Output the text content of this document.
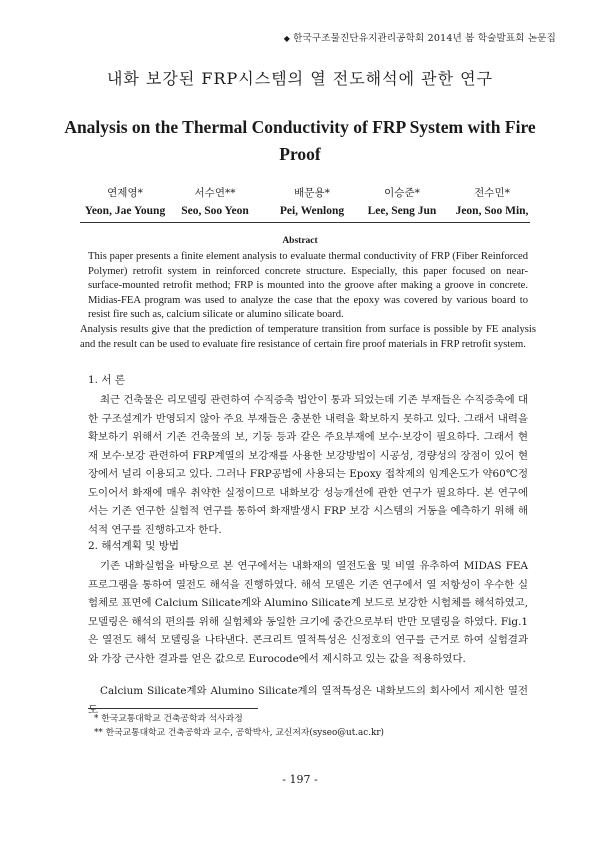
◆ 한국구조물진단유지관리공학회 2014년 봄 학술발표회 논문집
내화 보강된 FRP시스템의 열 전도해석에 관한 연구
Analysis on the Thermal Conductivity of FRP System with Fire Proof
연제영*
Yeon, Jae Young
서수연**
Seo, Soo Yeon
배문용*
Pei, Wenlong
이승준*
Lee, Seng Jun
전수민*
Jeon, Soo Min,
Abstract

This paper presents a finite element analysis to evaluate thermal conductivity of FRP (Fiber Reinforced Polymer) retrofit system in reinforced concrete structure. Especially, this paper focused on near-surface-mounted retrofit method; FRP is mounted into the groove after making a groove in concrete. Midias-FEA program was used to analyze the case that the epoxy was covered by various board to resist fire such as, calcium silicate or alumino silicate board.

Analysis results give that the prediction of temperature transition from surface is possible by FE analysis and the result can be used to evaluate fire resistance of certain fire proof materials in FRP retrofit system.

1. 서 론

최근 건축물은 리모델링 관련하여 수직증축 법안이 통과 되었는데 기존 부재들은 수직증축에 대한 구조설계가 반영되지 않아 주요 부재들은 충분한 내력을 확보하지 못하고 있다. 그래서 내력을 확보하기 위해서 기존 건축물의 보, 기둥 등과 같은 주요부재에 보수·보강이 필요하다. 그래서 현재 보수·보강 관련하여 FRP계열의 보강재를 사용한 보강방법이 시공성, 경량성의 장점이 있어 현장에서 널리 이용되고 있다. 그러나 FRP공법에 사용되는 Epoxy 접착제의 임계온도가 약60℃정도이어서 화재에 매우 취약한 실정이므로 내화보강 성능개선에 관한 연구가 필요하다. 본 연구에서는 기존 연구한 실험적 연구를 통하여 화재발생시 FRP 보강 시스템의 거동을 예측하기 위해 해석적 연구를 진행하고자 한다.

2. 해석계획 및 방법

기존 내화실험을 바탕으로 본 연구에서는 내화재의 열전도율 및 비열 유추하여 MIDAS FEA 프로그램을 통하여 열전도 해석을 진행하였다. 해석 모델은 기존 연구에서 열 저항성이 우수한 실험체로 표면에 Calcium Silicate계와 Alumino Silicate계 보드로 보강한 시험체를 해석하였고, 모델링은 해석의 편의를 위해 실험체와 동일한 크기에 중간으로부터 반만 모델링을 하였다. Fig.1은 열전도 해석 모델링을 나타낸다. 콘크리트 열적특성은 신정호의 연구를 근거로 하여 실험결과와 가장 근사한 결과를 얻은 값으로 Eurocode에서 제시하고 있는 값을 적용하였다.

Calcium Silicate계와 Alumino Silicate계의 열적특성은 내화보드의 회사에서 제시한 열전도

* 한국교통대학교 건축공학과 석사과정
** 한국교통대학교 건축공학과 교수, 공학박사, 교신저자(syseo@ut.ac.kr)
- 197 -
